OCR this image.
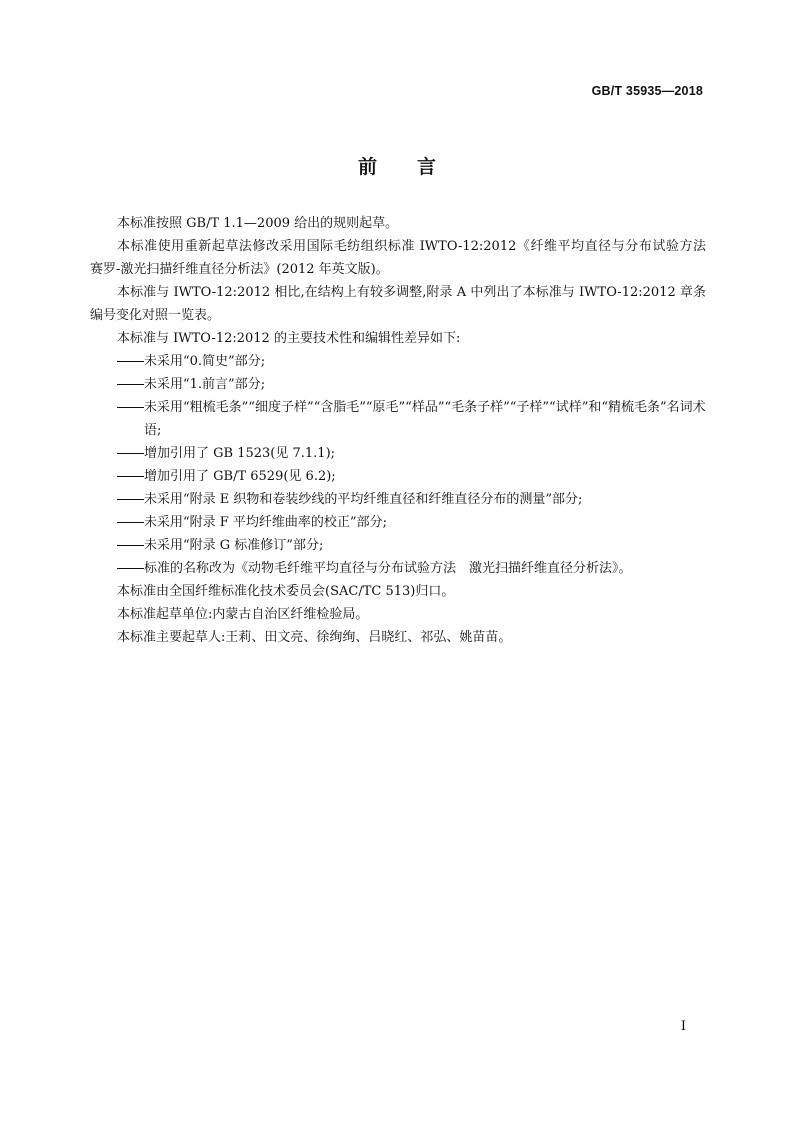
GB/T 35935—2018
前 言

本标准按照 GB/T 1.1—2009 给出的规则起草。

本标准使用重新起草法修改采用国际毛纺组织标准 IWTO-12:2012《纤维平均直径与分布试验方法　赛罗-激光扫描纤维直径分析法》(2012 年英文版)。

本标准与 IWTO-12:2012 相比,在结构上有较多调整,附录 A 中列出了本标准与 IWTO-12:2012 章条编号变化对照一览表。

本标准与 IWTO-12:2012 的主要技术性和编辑性差异如下:

未采用“0.简史”部分;
未采用“1.前言”部分;
未采用“粗梳毛条”“细度子样”“含脂毛”“原毛”“样品”“毛条子样”“子样”“试样”和“精梳毛条”名词术语;
增加引用了 GB 1523(见 7.1.1);
增加引用了 GB/T 6529(见 6.2);
未采用“附录 E 织物和卷装纱线的平均纤维直径和纤维直径分布的测量”部分;
未采用“附录 F 平均纤维曲率的校正”部分;
未采用“附录 G 标准修订”部分;
标准的名称改为《动物毛纤维平均直径与分布试验方法　激光扫描纤维直径分析法》。

本标准由全国纤维标准化技术委员会(SAC/TC 513)归口。

本标准起草单位:内蒙古自治区纤维检验局。

本标准主要起草人:王莉、田文亮、徐绚绚、吕晓红、祁弘、姚苗苗。

I
